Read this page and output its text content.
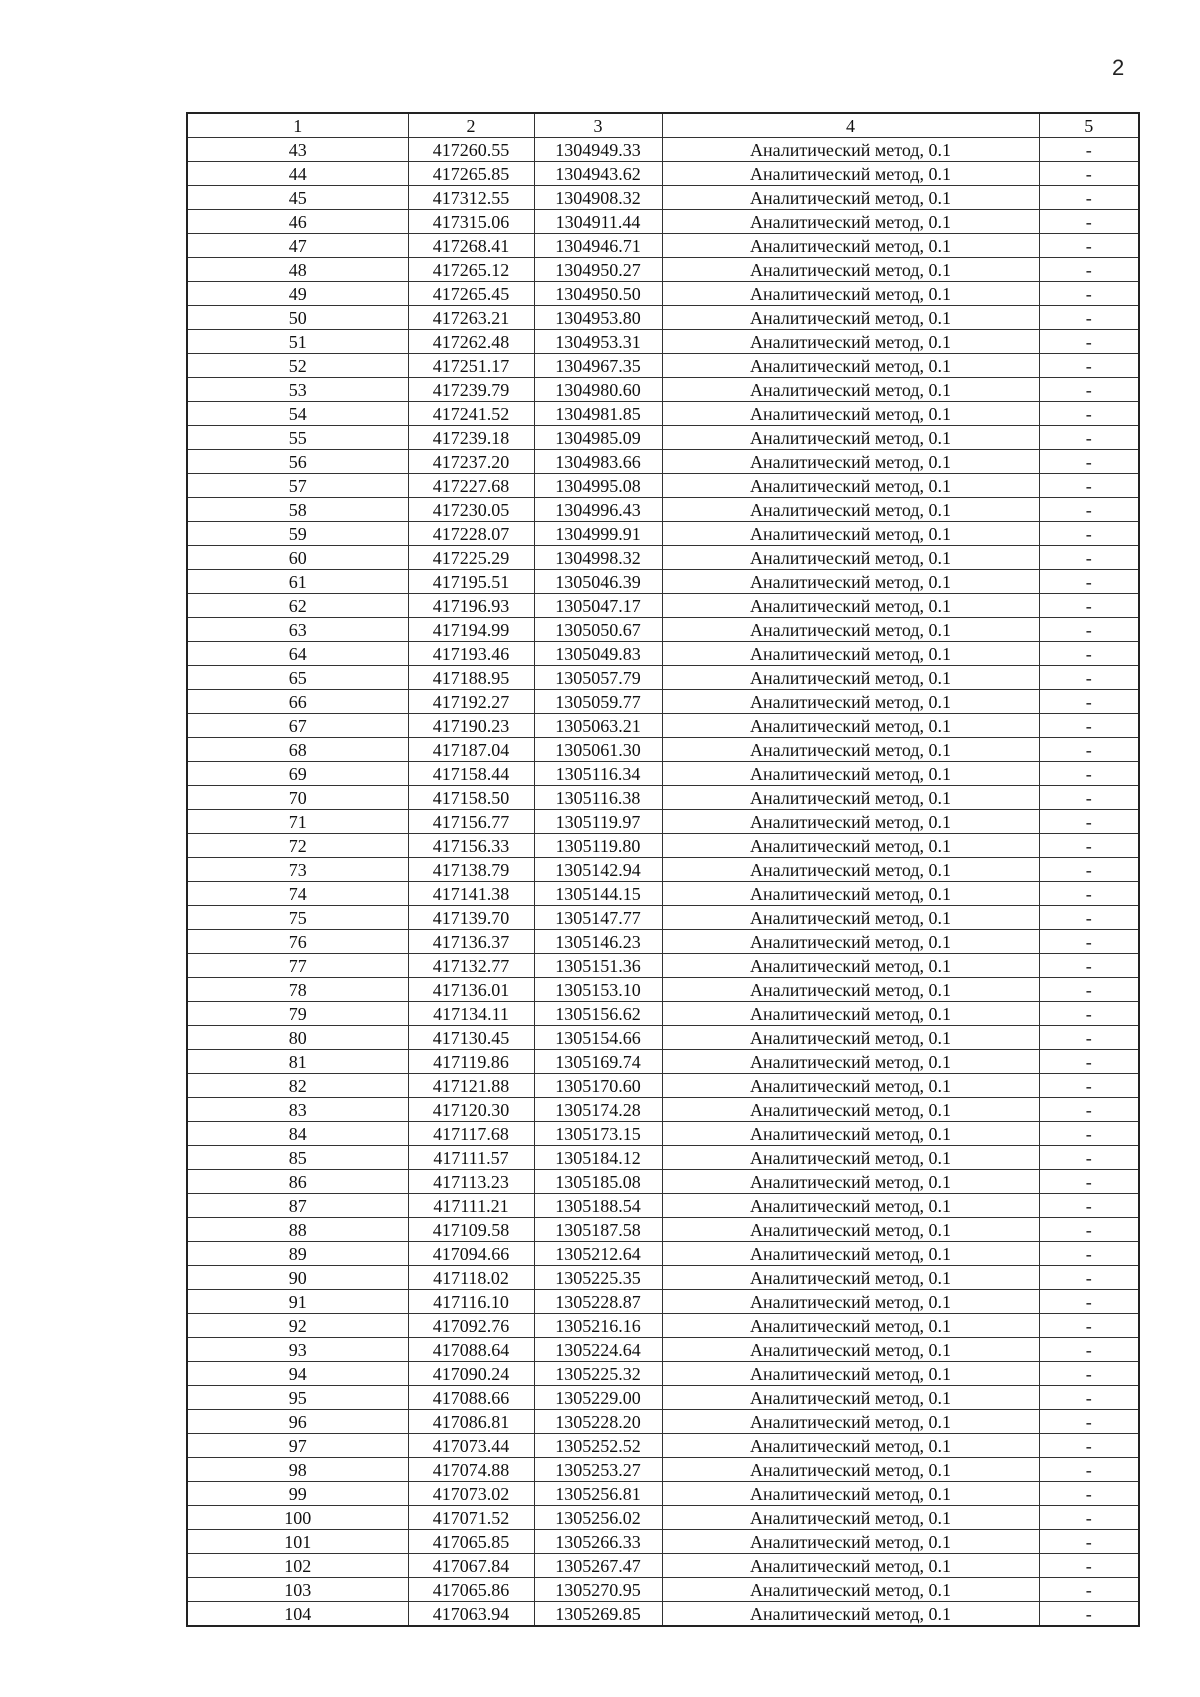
2
1	2	3	4	5
43	417260.55	1304949.33	Аналитический метод, 0.1	-
44	417265.85	1304943.62	Аналитический метод, 0.1	-
45	417312.55	1304908.32	Аналитический метод, 0.1	-
46	417315.06	1304911.44	Аналитический метод, 0.1	-
47	417268.41	1304946.71	Аналитический метод, 0.1	-
48	417265.12	1304950.27	Аналитический метод, 0.1	-
49	417265.45	1304950.50	Аналитический метод, 0.1	-
50	417263.21	1304953.80	Аналитический метод, 0.1	-
51	417262.48	1304953.31	Аналитический метод, 0.1	-
52	417251.17	1304967.35	Аналитический метод, 0.1	-
53	417239.79	1304980.60	Аналитический метод, 0.1	-
54	417241.52	1304981.85	Аналитический метод, 0.1	-
55	417239.18	1304985.09	Аналитический метод, 0.1	-
56	417237.20	1304983.66	Аналитический метод, 0.1	-
57	417227.68	1304995.08	Аналитический метод, 0.1	-
58	417230.05	1304996.43	Аналитический метод, 0.1	-
59	417228.07	1304999.91	Аналитический метод, 0.1	-
60	417225.29	1304998.32	Аналитический метод, 0.1	-
61	417195.51	1305046.39	Аналитический метод, 0.1	-
62	417196.93	1305047.17	Аналитический метод, 0.1	-
63	417194.99	1305050.67	Аналитический метод, 0.1	-
64	417193.46	1305049.83	Аналитический метод, 0.1	-
65	417188.95	1305057.79	Аналитический метод, 0.1	-
66	417192.27	1305059.77	Аналитический метод, 0.1	-
67	417190.23	1305063.21	Аналитический метод, 0.1	-
68	417187.04	1305061.30	Аналитический метод, 0.1	-
69	417158.44	1305116.34	Аналитический метод, 0.1	-
70	417158.50	1305116.38	Аналитический метод, 0.1	-
71	417156.77	1305119.97	Аналитический метод, 0.1	-
72	417156.33	1305119.80	Аналитический метод, 0.1	-
73	417138.79	1305142.94	Аналитический метод, 0.1	-
74	417141.38	1305144.15	Аналитический метод, 0.1	-
75	417139.70	1305147.77	Аналитический метод, 0.1	-
76	417136.37	1305146.23	Аналитический метод, 0.1	-
77	417132.77	1305151.36	Аналитический метод, 0.1	-
78	417136.01	1305153.10	Аналитический метод, 0.1	-
79	417134.11	1305156.62	Аналитический метод, 0.1	-
80	417130.45	1305154.66	Аналитический метод, 0.1	-
81	417119.86	1305169.74	Аналитический метод, 0.1	-
82	417121.88	1305170.60	Аналитический метод, 0.1	-
83	417120.30	1305174.28	Аналитический метод, 0.1	-
84	417117.68	1305173.15	Аналитический метод, 0.1	-
85	417111.57	1305184.12	Аналитический метод, 0.1	-
86	417113.23	1305185.08	Аналитический метод, 0.1	-
87	417111.21	1305188.54	Аналитический метод, 0.1	-
88	417109.58	1305187.58	Аналитический метод, 0.1	-
89	417094.66	1305212.64	Аналитический метод, 0.1	-
90	417118.02	1305225.35	Аналитический метод, 0.1	-
91	417116.10	1305228.87	Аналитический метод, 0.1	-
92	417092.76	1305216.16	Аналитический метод, 0.1	-
93	417088.64	1305224.64	Аналитический метод, 0.1	-
94	417090.24	1305225.32	Аналитический метод, 0.1	-
95	417088.66	1305229.00	Аналитический метод, 0.1	-
96	417086.81	1305228.20	Аналитический метод, 0.1	-
97	417073.44	1305252.52	Аналитический метод, 0.1	-
98	417074.88	1305253.27	Аналитический метод, 0.1	-
99	417073.02	1305256.81	Аналитический метод, 0.1	-
100	417071.52	1305256.02	Аналитический метод, 0.1	-
101	417065.85	1305266.33	Аналитический метод, 0.1	-
102	417067.84	1305267.47	Аналитический метод, 0.1	-
103	417065.86	1305270.95	Аналитический метод, 0.1	-
104	417063.94	1305269.85	Аналитический метод, 0.1	-
